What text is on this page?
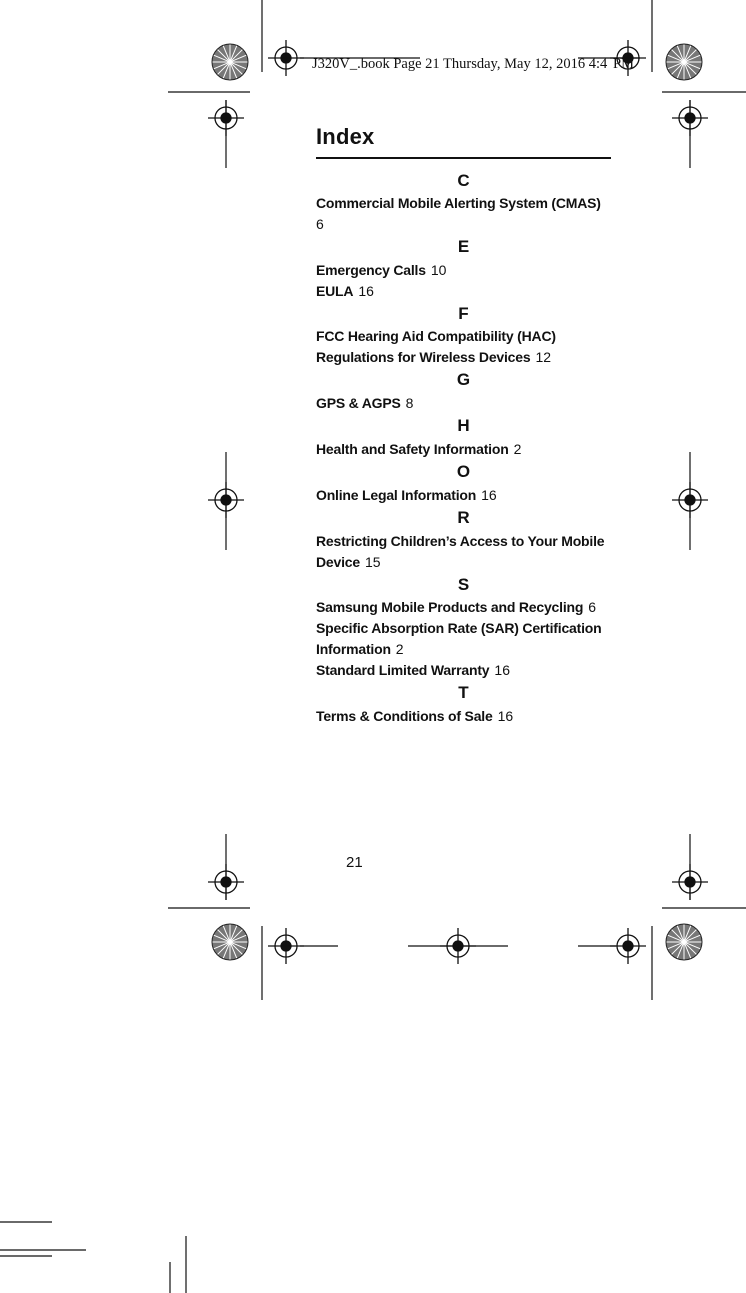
J320V_.book Page 21 Thursday, May 12, 2016 4:4  PM
Index
C
Commercial Mobile Alerting System (CMAS)
6
E
Emergency Calls 10
EULA 16
F
FCC Hearing Aid Compatibility (HAC)
Regulations for Wireless Devices 12
G
GPS & AGPS 8
H
Health and Safety Information 2
O
Online Legal Information 16
R
Restricting Children’s Access to Your Mobile
Device 15
S
Samsung Mobile Products and Recycling 6
Specific Absorption Rate (SAR) Certification
Information 2
Standard Limited Warranty 16
T
Terms & Conditions of Sale 16
21
